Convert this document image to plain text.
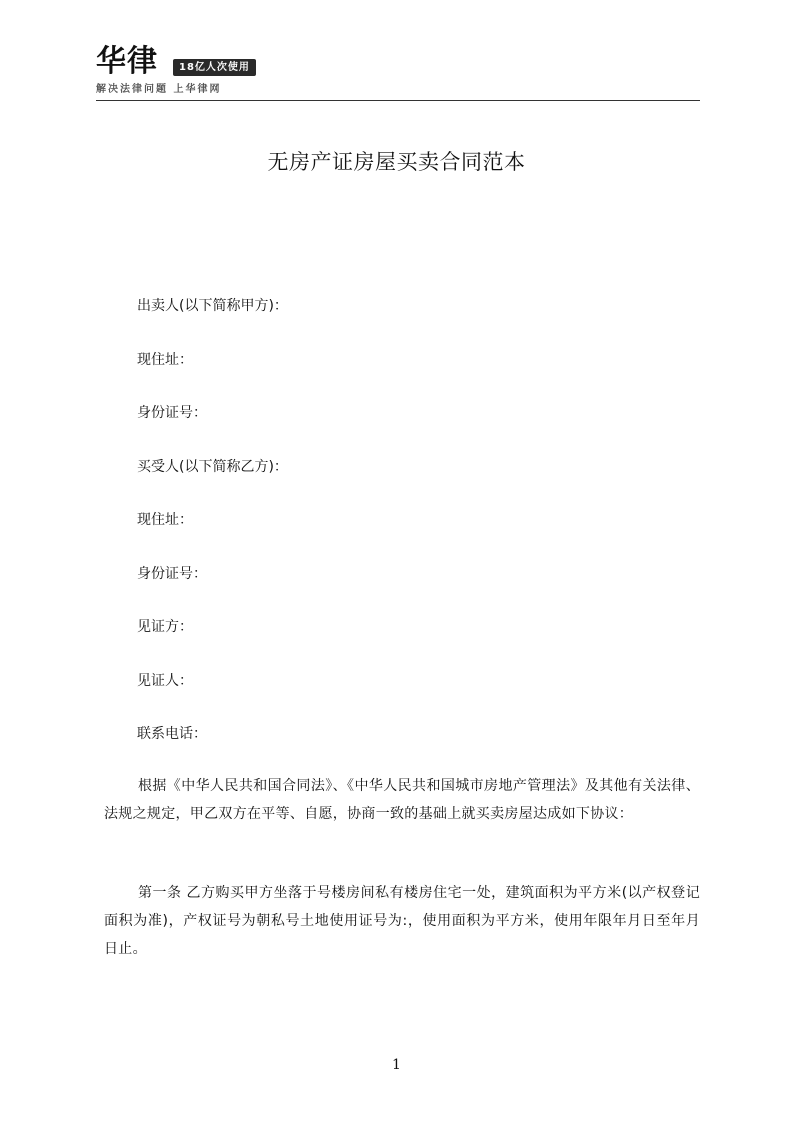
华律	18亿人次使用
解决法律问题 上华律网
无房产证房屋买卖合同范本
出卖人(以下简称甲方)：
现住址：
身份证号：
买受人(以下简称乙方)：
现住址：
身份证号：
见证方：
见证人：
联系电话：
根据《中华人民共和国合同法》、《中华人民共和国城市房地产管理法》及其他有关法律、法规之规定，甲乙双方在平等、自愿，协商一致的基础上就买卖房屋达成如下协议：
第一条 乙方购买甲方坐落于号楼房间私有楼房住宅一处，建筑面积为平方米(以产权登记面积为准)，产权证号为朝私号土地使用证号为:，使用面积为平方米，使用年限年月日至年月日止。
1
